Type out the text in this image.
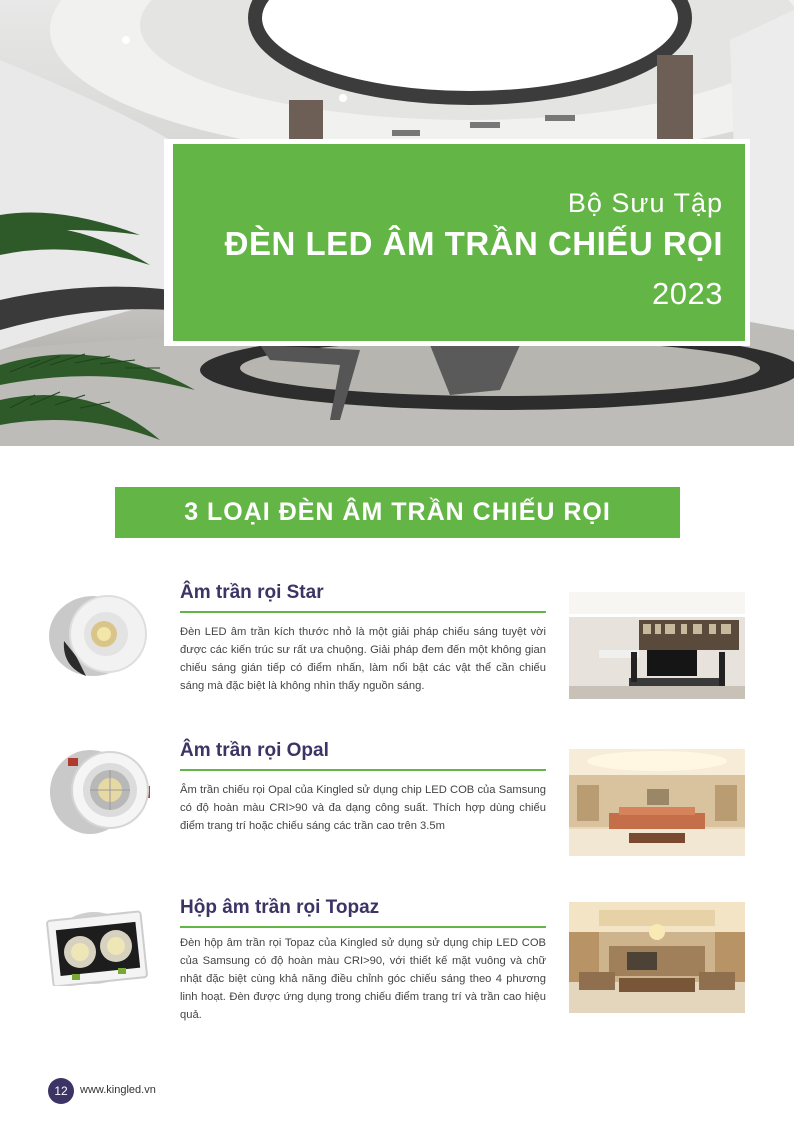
Bộ Sưu Tập
ĐÈN LED ÂM TRẦN CHIẾU RỌI
2023
3 LOẠI ĐÈN ÂM TRẦN CHIẾU RỌI
Âm trần rọi Star
Đèn LED âm trần kích thước nhỏ là một giải pháp chiếu sáng tuyệt vời được các kiến trúc sư rất ưa chuộng. Giải pháp đem đến một không gian chiếu sáng gián tiếp có điểm nhấn, làm nổi bật các vật thể cần chiếu sáng mà đặc biệt là không nhìn thấy nguồn sáng.
Âm trần rọi Opal
Âm trần chiếu rọi Opal của Kingled sử dụng chip LED COB của Samsung có độ hoàn màu CRI>90 và đa dạng công suất. Thích hợp dùng chiếu điểm trang trí hoặc chiếu sáng các trần cao trên 3.5m
Hộp âm trần rọi Topaz
Đèn hộp âm trần rọi Topaz của Kingled sử dụng sử dụng chip LED COB của Samsung có độ hoàn màu CRI>90, với thiết kế mặt vuông và chữ nhật đặc biệt cùng khả năng điều chỉnh góc chiếu sáng theo 4 phương linh hoạt. Đèn được ứng dụng trong chiếu điểm trang trí và trần cao hiệu quả.
12	www.kingled.vn
